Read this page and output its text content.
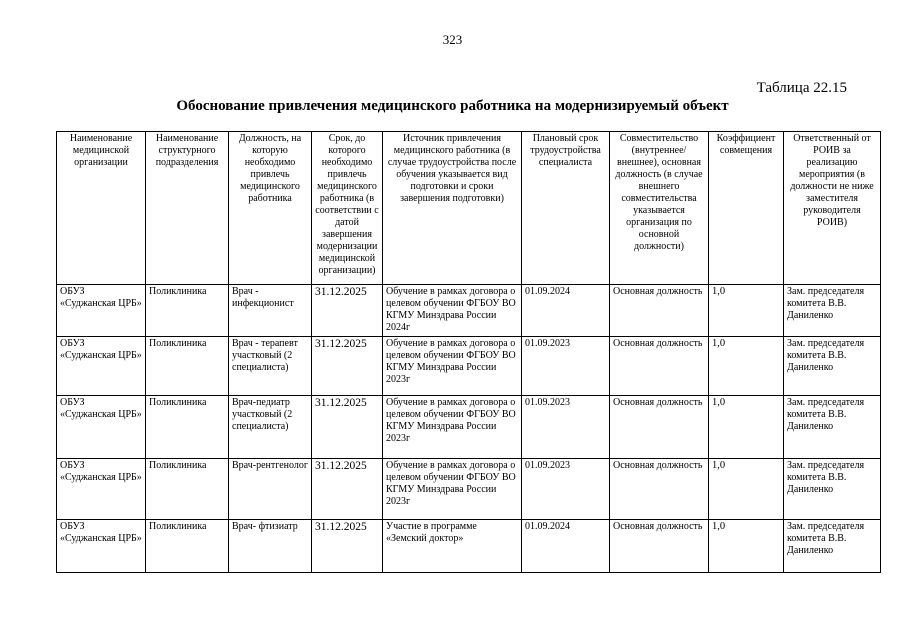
323
Таблица 22.15
Обоснование привлечения медицинского работника на модернизируемый объект
Наименование медицинской организации	Наименование структурного подразделения	Должность, на которую необходимо привлечь медицинского работника	Срок, до которого необходимо привлечь медицинского работника (в соответствии с датой завершения модернизации медицинской организации)	Источник привлечения медицинского работника (в случае трудоустройства после обучения указывается вид подготовки и сроки завершения подготовки)	Плановый срок трудоустройства специалиста	Совместительство (внутреннее/внешнее), основная должность (в случае внешнего совместительства указывается организация по основной должности)	Коэффициент совмещения	Ответственный от РОИВ за реализацию мероприятия (в должности не ниже заместителя руководителя РОИВ)
ОБУЗ «Суджанская ЦРБ»	Поликлиника	Врач - инфекционист	31.12.2025	Обучение в рамках договора о целевом обучении ФГБОУ ВО КГМУ Минздрава России 2024г	01.09.2024	Основная должность	1,0	Зам. председателя комитета В.В. Даниленко
ОБУЗ «Суджанская ЦРБ»	Поликлиника	Врач - терапевт участковый (2 специалиста)	31.12.2025	Обучение в рамках договора о целевом обучении ФГБОУ ВО КГМУ Минздрава России 2023г	01.09.2023	Основная должность	1,0	Зам. председателя комитета В.В. Даниленко
ОБУЗ «Суджанская ЦРБ»	Поликлиника	Врач-педиатр участковый (2 специалиста)	31.12.2025	Обучение в рамках договора о целевом обучении ФГБОУ ВО КГМУ Минздрава России 2023г	01.09.2023	Основная должность	1,0	Зам. председателя комитета В.В. Даниленко
ОБУЗ «Суджанская ЦРБ»	Поликлиника	Врач-рентгенолог	31.12.2025	Обучение в рамках договора о целевом обучении ФГБОУ ВО КГМУ Минздрава России 2023г	01.09.2023	Основная должность	1,0	Зам. председателя комитета В.В. Даниленко
ОБУЗ «Суджанская ЦРБ»	Поликлиника	Врач- фтизиатр	31.12.2025	Участие в программе «Земский доктор»	01.09.2024	Основная должность	1,0	Зам. председателя комитета В.В. Даниленко
